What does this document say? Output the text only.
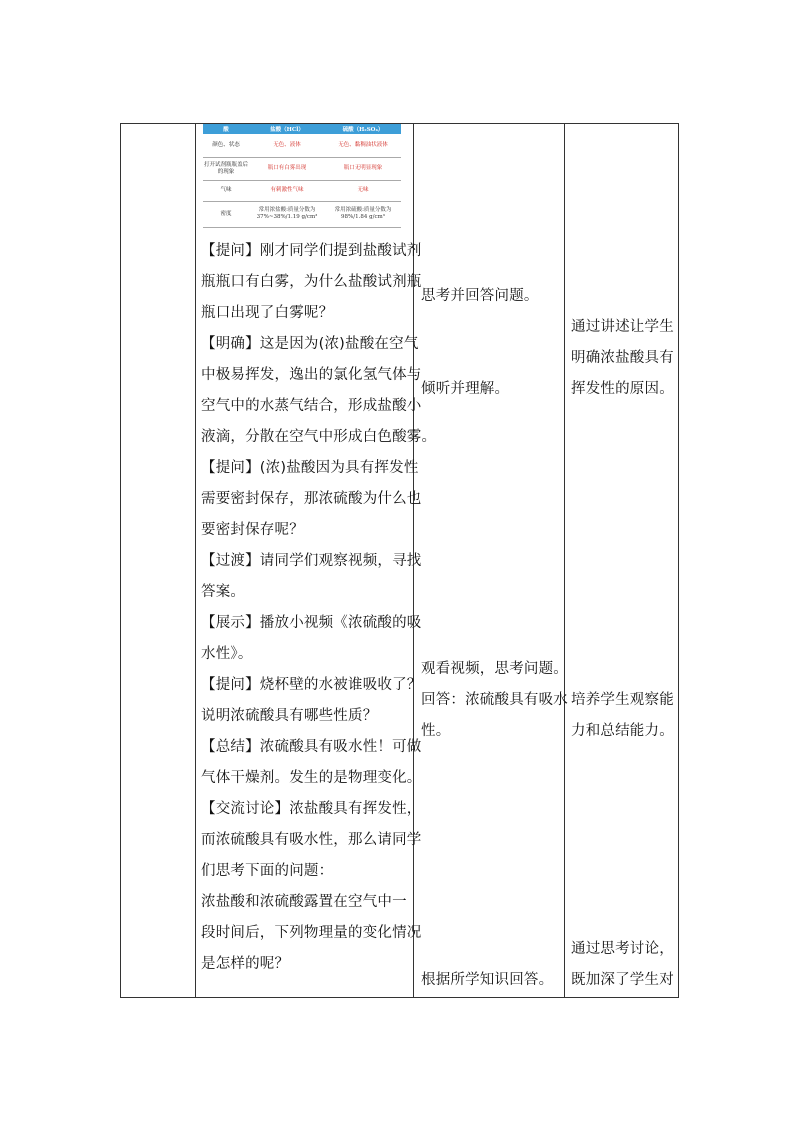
酸	盐酸（HCl）	硫酸（H₂SO₄）
颜色、状态	无色、液体	无色、黏稠油状液体
打开试剂瓶瓶盖后的现象	瓶口有白雾出现	瓶口无明显现象
气味	有刺激性气味	无味
密度	常用浓盐酸:质量分数为37%~38%/1.19 g/cm³	常用浓硫酸:质量分数为98%/1.84 g/cm³
【提问】刚才同学们提到盐酸试剂
瓶瓶口有白雾，为什么盐酸试剂瓶
瓶口出现了白雾呢？
【明确】这是因为(浓)盐酸在空气
中极易挥发，逸出的氯化氢气体与
空气中的水蒸气结合，形成盐酸小
液滴，分散在空气中形成白色酸雾。
【提问】(浓)盐酸因为具有挥发性
需要密封保存，那浓硫酸为什么也
要密封保存呢？
【过渡】请同学们观察视频，寻找
答案。
【展示】播放小视频《浓硫酸的吸
水性》。
【提问】烧杯壁的水被谁吸收了？
说明浓硫酸具有哪些性质？
【总结】浓硫酸具有吸水性！可做
气体干燥剂。发生的是物理变化。
【交流讨论】浓盐酸具有挥发性，
而浓硫酸具有吸水性，那么请同学
们思考下面的问题：
浓盐酸和浓硫酸露置在空气中一
段时间后，下列物理量的变化情况
是怎样的呢？
思考并回答问题。
倾听并理解。
观看视频，思考问题。
回答：浓硫酸具有吸水
性。
根据所学知识回答。
通过讲述让学生
明确浓盐酸具有
挥发性的原因。
培养学生观察能
力和总结能力。
通过思考讨论，
既加深了学生对
